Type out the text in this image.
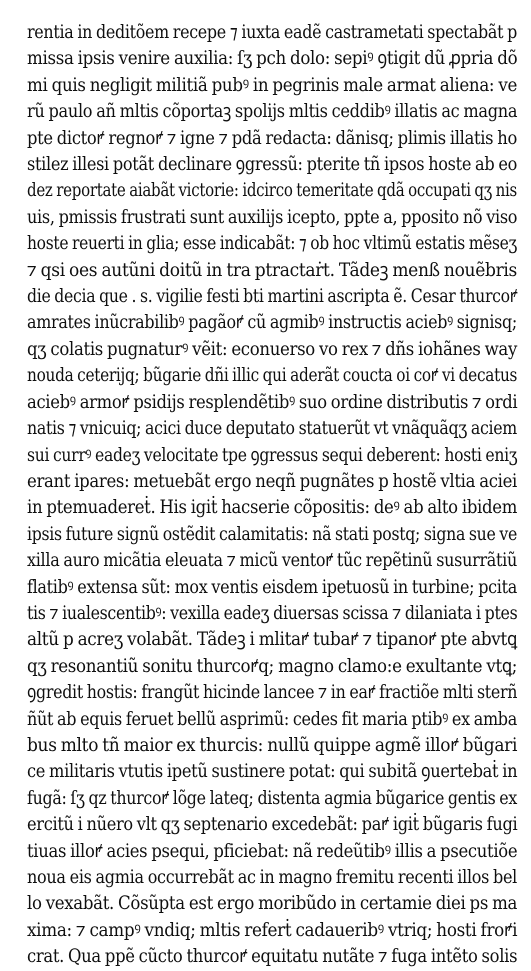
rentia in deditõem recepe ⁊ iuxta eadẽ castrametati spectabãt p
missa ipsis venire auxilia: ſʒ pch dolo: sepiꝰ ꝯtigit dũ ꝓpria dõ
mi quis negligit militiã pubꝰ in pegrinis male armat aliena: ve
rũ paulo añ mltis cõportaꝫ spolijs mltis ceddibꝰ illatis ac magna
pte dictoꝵ regnoꝵ ⁊ igne ⁊ pdã redacta: dãnisq; plimis illatis ho
stilez illesi potãt declinare ꝯgressũ: pterite tñ ipsos hoste ab eo
dez reportate aiabãt victorie: idcirco temeritate qdã occupati qʒ nis
uis, pmissis frustrati sunt auxilijs icepto, ppte a, pposito nõ viso
hoste reuerti in glia; esse indicabãt: ⁊ ob hoc vltimũ estatis mẽseʒ
⁊ qsi oes autũni doitũ in tra ptractaṙt. Tãdeꝫ menß nouẽbris
die decia que . s. vigilie festi bti martini ascripta ẽ. Cesar thurcoꝵ
amrates inũcrabilibꝰ pagãoꝵ cũ agmibꝰ instructis aciebꝰ signisq;
qʒ colatis pugnaturꝰ vẽit: econuerso vo rex ⁊ dñs iohãnes way
nouda ceterijq; bũgarie dñi illic qui aderãt coucta oi coꝵ vi decatus
aciebꝰ armoꝵ psidijs resplendẽtibꝰ suo ordine distributis ⁊ ordi
natis ⁊ vnicuiq; acici duce deputato statuerũt vt vnãquãqʒ aciem
sui currꝰ eadeʒ velocitate tpe ꝯgressus sequi deberent: hosti eniʒ
erant ipares: metuebãt ergo neqñ pugnãtes p hostẽ vltia aciei
in ptemuadereṫ. His igiṫ hacserie cõpositis: deꝰ ab alto ibidem
ipsis future signũ ostẽdit calamitatis: nã stati postq; signa sue ve
xilla auro micãtia eleuata ⁊ micũ ventoꝵ tũc repẽtinũ susurrãtiũ
flatibꝰ extensa sũt: mox ventis eisdem ipetuosũ in turbine; pcita
tis ⁊ iualescentibꝰ: vexilla eadeʒ diuersas scissa ⁊ dilaniata i ptes
altũ p acreʒ volabãt. Tãdeꝫ i mlitaꝵ tubaꝵ ⁊ tipanoꝵ pte abvtꝗ
qʒ resonantiũ sonitu thurcoꝵq; magno clamo:e exultante vtꝗ;
ꝯgredit hostis: frangũt hicinde lancee ⁊ in eaꝵ fractiõe mlti sterñ
ñũt ab equis feruet bellũ asprimũ: cedes fit maria ptibꝰ ex amba
bus mlto tñ maior ex thurcis: nullũ quippe agmẽ illoꝵ bũgari
ce militaris vtutis ipetũ sustinere potat: qui subitã ꝯuertebaṫ in
fugã: ſʒ qz thurcoꝵ lõge lateq; distenta agmia bũgarice gentis ex
ercitũ i nũero vlt qʒ septenario excedebãt: paꝵ igiṫ bũgaris fugi
tiuas illoꝵ acies psequi, pficiebat: nã redeũtibꝰ illis a psecutiõe
noua eis agmia occurrebãt ac in magno fremitu recenti illos bel
lo vexabãt. Cõsũpta est ergo moribũdo in certamie diei ps ma
xima: ⁊ campꝰ vndiq; mltis referṫ cadaueribꝰ vtriq; hosti froꝵi
crat. Qua ppẽ cũcto thurcoꝵ equitatu nutãte ⁊ fuga intẽto solis
